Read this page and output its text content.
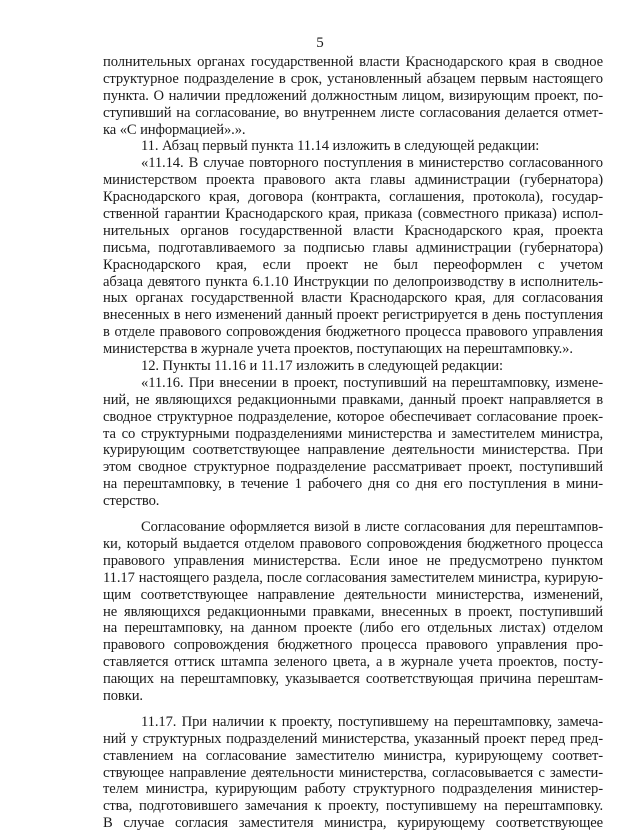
5
полнительных органах государственной власти Краснодарского края в сводное
структурное подразделение в срок, установленный абзацем первым настоящего
пункта. О наличии предложений должностным лицом, визирующим проект, по-
ступивший на согласование, во внутреннем листе согласования делается отмет-
ка «С информацией».».
11. Абзац первый пункта 11.14 изложить в следующей редакции:
«11.14. В случае повторного поступления в министерство согласованного
министерством проекта правового акта главы администрации (губернатора)
Краснодарского края, договора (контракта, соглашения, протокола), государ-
ственной гарантии Краснодарского края, приказа (совместного приказа) испол-
нительных органов государственной власти Краснодарского края, проекта
письма, подготавливаемого за подписью главы администрации (губернатора)
Краснодарского края, если проект не был переоформлен с учетом
абзаца девятого пункта 6.1.10 Инструкции по делопроизводству в исполнитель-
ных органах государственной власти Краснодарского края, для согласования
внесенных в него изменений данный проект регистрируется в день поступления
в отделе правового сопровождения бюджетного процесса правового управления
министерства в журнале учета проектов, поступающих на перештамповку.».
12. Пункты 11.16 и 11.17 изложить в следующей редакции:
«11.16. При внесении в проект, поступивший на перештамповку, измене-
ний, не являющихся редакционными правками, данный проект направляется в
сводное структурное подразделение, которое обеспечивает согласование проек-
та со структурными подразделениями министерства и заместителем министра,
курирующим соответствующее направление деятельности министерства. При
этом сводное структурное подразделение рассматривает проект, поступивший
на перештамповку, в течение 1 рабочего дня со дня его поступления в мини-
стерство.
Согласование оформляется визой в листе согласования для перештампов-
ки, который выдается отделом правового сопровождения бюджетного процесса
правового управления министерства. Если иное не предусмотрено пунктом
11.17 настоящего раздела, после согласования заместителем министра, курирую-
щим соответствующее направление деятельности министерства, изменений,
не являющихся редакционными правками, внесенных в проект, поступивший
на перештамповку, на данном проекте (либо его отдельных листах) отделом
правового сопровождения бюджетного процесса правового управления про-
ставляется оттиск штампа зеленого цвета, а в журнале учета проектов, посту-
пающих на перештамповку, указывается соответствующая причина перештам-
повки.
11.17. При наличии к проекту, поступившему на перештамповку, замеча-
ний у структурных подразделений министерства, указанный проект перед пред-
ставлением на согласование заместителю министра, курирующему соответ-
ствующее направление деятельности министерства, согласовывается с замести-
телем министра, курирующим работу структурного подразделения министер-
ства, подготовившего замечания к проекту, поступившему на перештамповку.
В случае согласия заместителя министра, курирующему соответствующее
